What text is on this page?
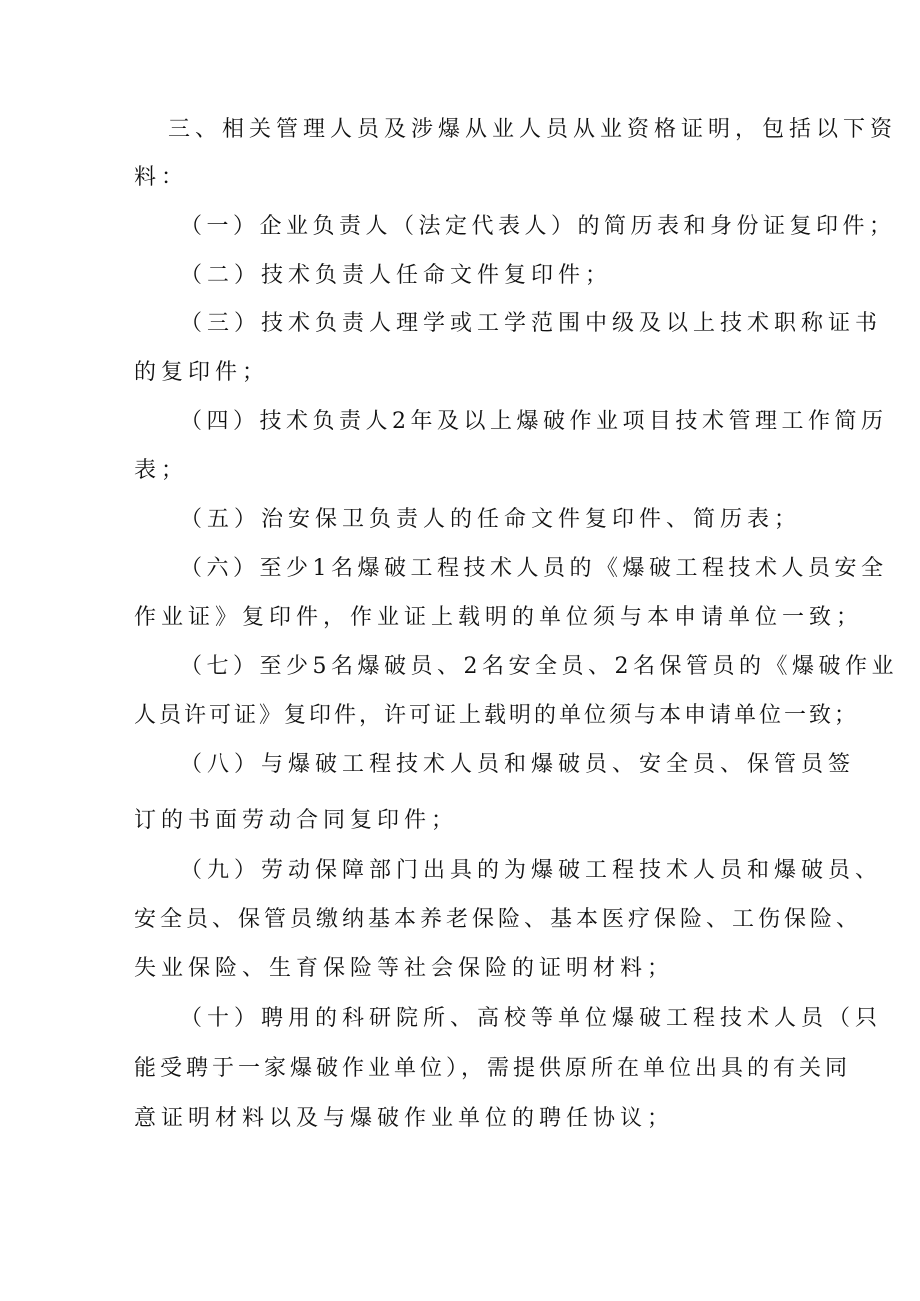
三、相关管理人员及涉爆从业人员从业资格证明，包括以下资

料：

（一）企业负责人（法定代表人）的简历表和身份证复印件；

（二）技术负责人任命文件复印件；

（三）技术负责人理学或工学范围中级及以上技术职称证书

的复印件；

（四）技术负责人2年及以上爆破作业项目技术管理工作简历

表；

（五）治安保卫负责人的任命文件复印件、简历表；

（六）至少1名爆破工程技术人员的《爆破工程技术人员安全

作业证》复印件，作业证上载明的单位须与本申请单位一致；

（七）至少5名爆破员、2名安全员、2名保管员的《爆破作业

人员许可证》复印件，许可证上载明的单位须与本申请单位一致；

（八）与爆破工程技术人员和爆破员、安全员、保管员签

订的书面劳动合同复印件；

（九）劳动保障部门出具的为爆破工程技术人员和爆破员、

安全员、保管员缴纳基本养老保险、基本医疗保险、工伤保险、

失业保险、生育保险等社会保险的证明材料；

（十）聘用的科研院所、高校等单位爆破工程技术人员（只

能受聘于一家爆破作业单位），需提供原所在单位出具的有关同

意证明材料以及与爆破作业单位的聘任协议；
